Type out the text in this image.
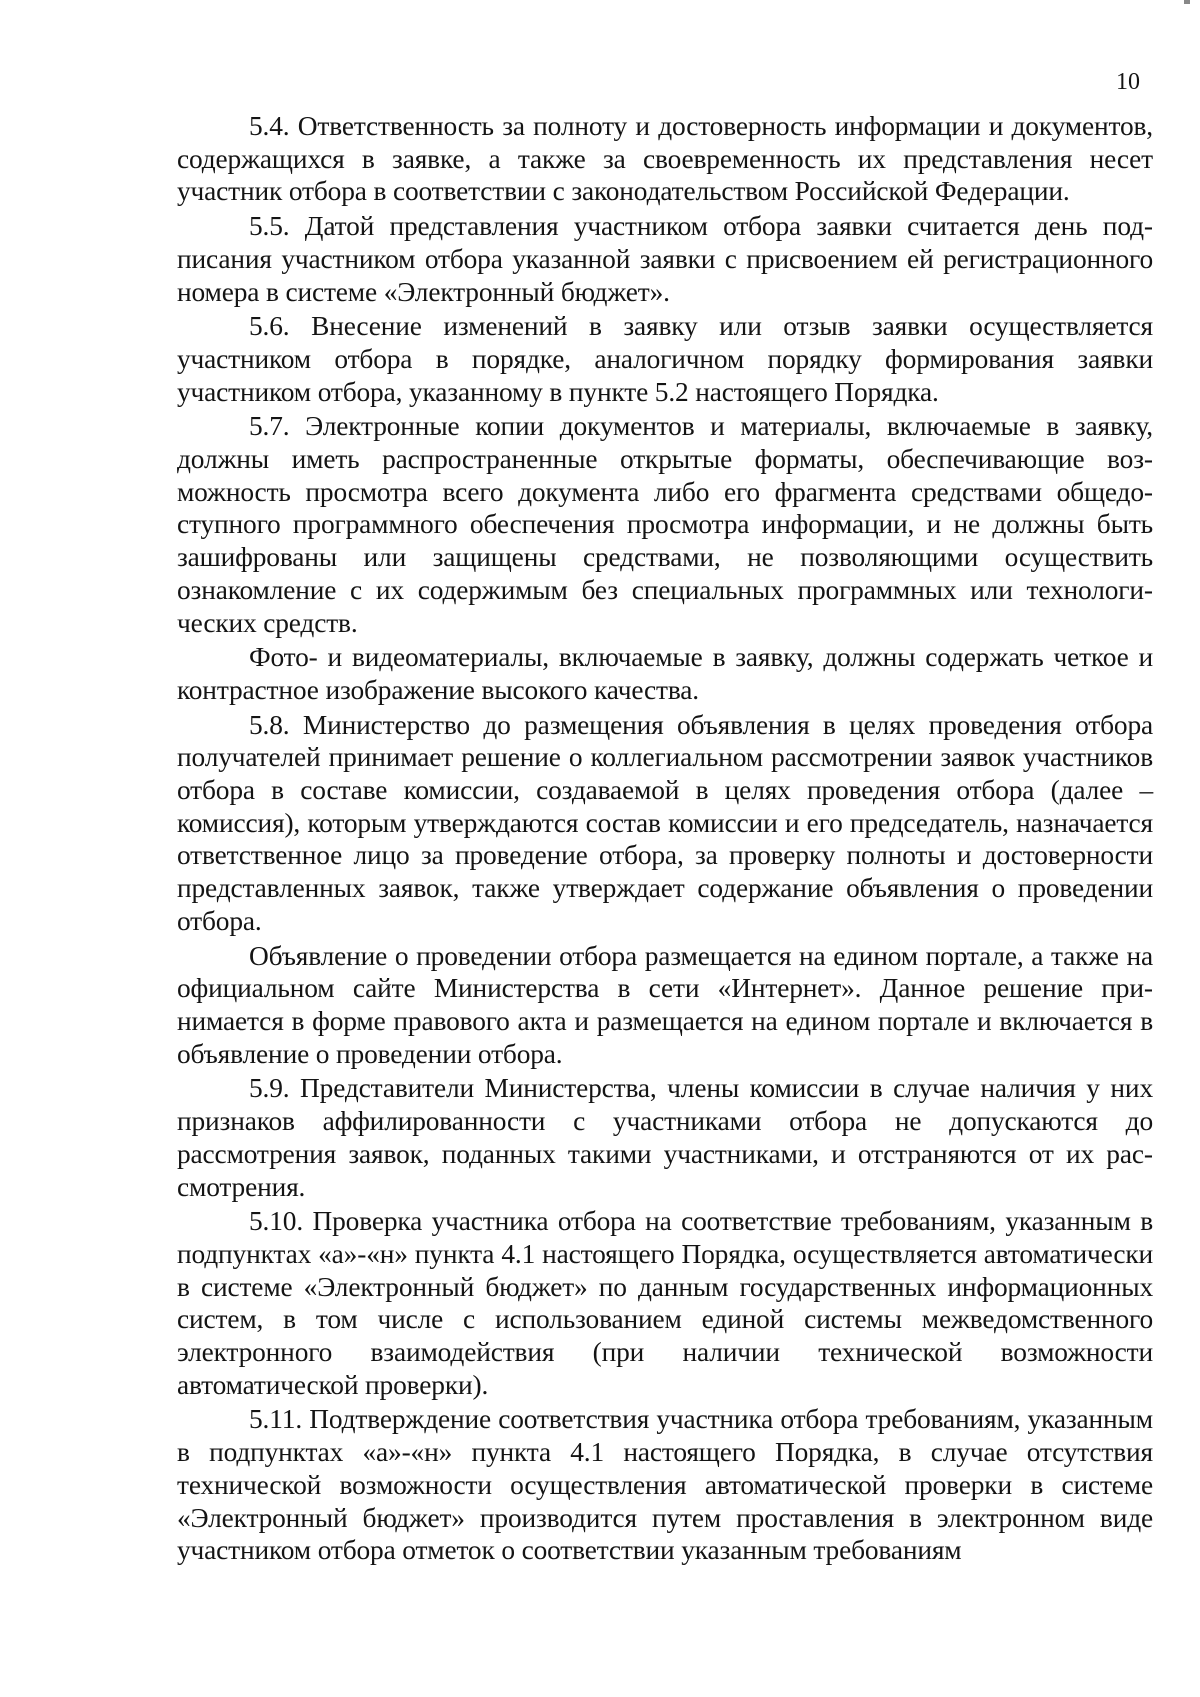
10

5.4. Ответственность за полноту и достоверность информации и документов, содержащихся в заявке, а также за своевременность их представления несет участник отбора в соответствии с законодательством Российской Федерации.

5.5. Датой представления участником отбора заявки считается день подписания участником отбора указанной заявки с присвоением ей регистрационного номера в системе «Электронный бюджет».

5.6. Внесение изменений в заявку или отзыв заявки осуществляется участником отбора в порядке, аналогичном порядку формирования заявки участником отбора, указанному в пункте 5.2 настоящего Порядка.

5.7. Электронные копии документов и материалы, включаемые в заявку, должны иметь распространенные открытые форматы, обеспечивающие возможность просмотра всего документа либо его фрагмента средствами общедоступного программного обеспечения просмотра информации, и не должны быть зашифрованы или защищены средствами, не позволяющими осуществить ознакомление с их содержимым без специальных программных или технологических средств.

Фото- и видеоматериалы, включаемые в заявку, должны содержать четкое и контрастное изображение высокого качества.

5.8. Министерство до размещения объявления в целях проведения отбора получателей принимает решение о коллегиальном рассмотрении заявок участников отбора в составе комиссии, создаваемой в целях проведения отбора (далее – комиссия), которым утверждаются состав комиссии и его председатель, назначается ответственное лицо за проведение отбора, за проверку полноты и достоверности представленных заявок, также утверждает содержание объявления о проведении отбора.

Объявление о проведении отбора размещается на едином портале, а также на официальном сайте Министерства в сети «Интернет». Данное решение принимается в форме правового акта и размещается на едином портале и включается в объявление о проведении отбора.

5.9. Представители Министерства, члены комиссии в случае наличия у них признаков аффилированности с участниками отбора не допускаются до рассмотрения заявок, поданных такими участниками, и отстраняются от их рассмотрения.

5.10. Проверка участника отбора на соответствие требованиям, указанным в подпунктах «а»-«н» пункта 4.1 настоящего Порядка, осуществляется автоматически в системе «Электронный бюджет» по данным государственных информационных систем, в том числе с использованием единой системы межведомственного электронного взаимодействия (при наличии технической возможности автоматической проверки).

5.11. Подтверждение соответствия участника отбора требованиям, указанным в подпунктах «а»-«н» пункта 4.1 настоящего Порядка, в случае отсутствия технической возможности осуществления автоматической проверки в системе «Электронный бюджет» производится путем проставления в электронном виде участником отбора отметок о соответствии указанным требованиям
